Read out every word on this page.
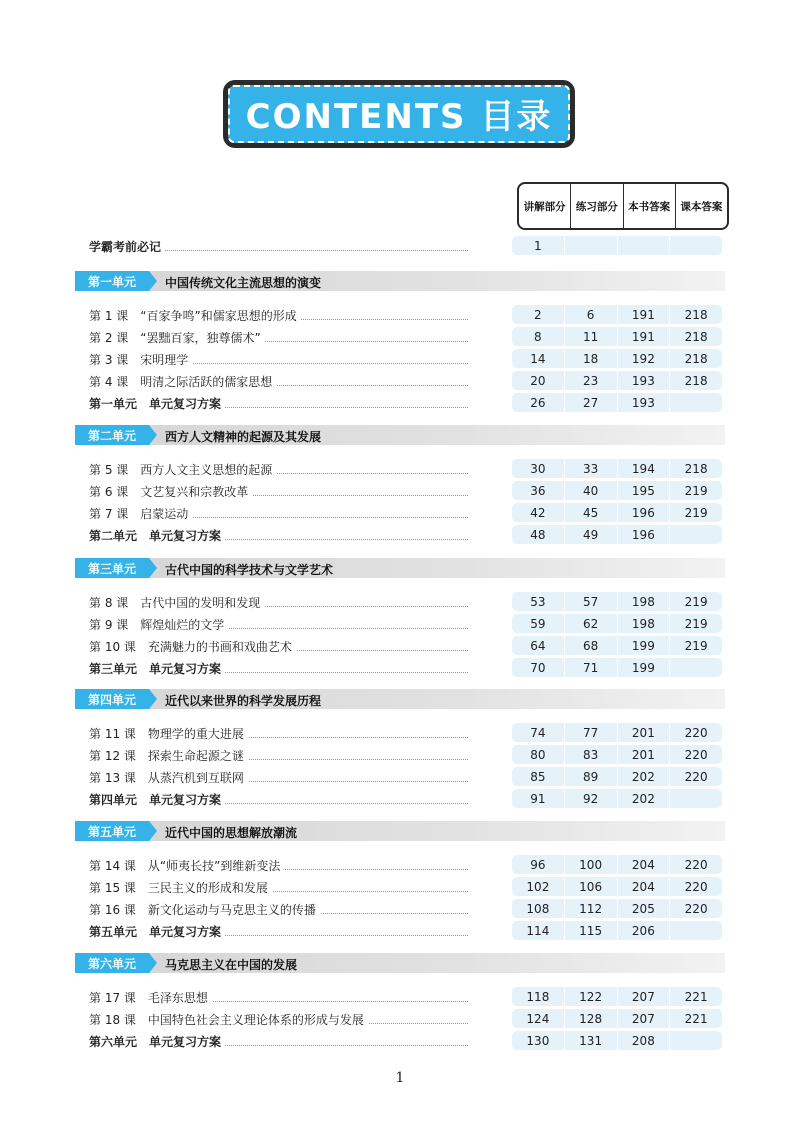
CONTENTS 目录
讲解部分 练习部分 本书答案 课本答案
学霸考前必记	1
第一单元	中国传统文化主流思想的演变
第 1 课　“百家争鸣”和儒家思想的形成	2	6	191	218
第 2 课　“罢黜百家，独尊儒术”	8	11	191	218
第 3 课　宋明理学	14	18	192	218
第 4 课　明清之际活跃的儒家思想	20	23	193	218
第一单元　单元复习方案	26	27	193
第二单元	西方人文精神的起源及其发展
第 5 课　西方人文主义思想的起源	30	33	194	218
第 6 课　文艺复兴和宗教改革	36	40	195	219
第 7 课　启蒙运动	42	45	196	219
第二单元　单元复习方案	48	49	196
第三单元	古代中国的科学技术与文学艺术
第 8 课　古代中国的发明和发现	53	57	198	219
第 9 课　辉煌灿烂的文学	59	62	198	219
第 10 课　充满魅力的书画和戏曲艺术	64	68	199	219
第三单元　单元复习方案	70	71	199
第四单元	近代以来世界的科学发展历程
第 11 课　物理学的重大进展	74	77	201	220
第 12 课　探索生命起源之谜	80	83	201	220
第 13 课　从蒸汽机到互联网	85	89	202	220
第四单元　单元复习方案	91	92	202
第五单元	近代中国的思想解放潮流
第 14 课　从“师夷长技”到维新变法	96	100	204	220
第 15 课　三民主义的形成和发展	102	106	204	220
第 16 课　新文化运动与马克思主义的传播	108	112	205	220
第五单元　单元复习方案	114	115	206
第六单元	马克思主义在中国的发展
第 17 课　毛泽东思想	118	122	207	221
第 18 课　中国特色社会主义理论体系的形成与发展	124	128	207	221
第六单元　单元复习方案	130	131	208
1
